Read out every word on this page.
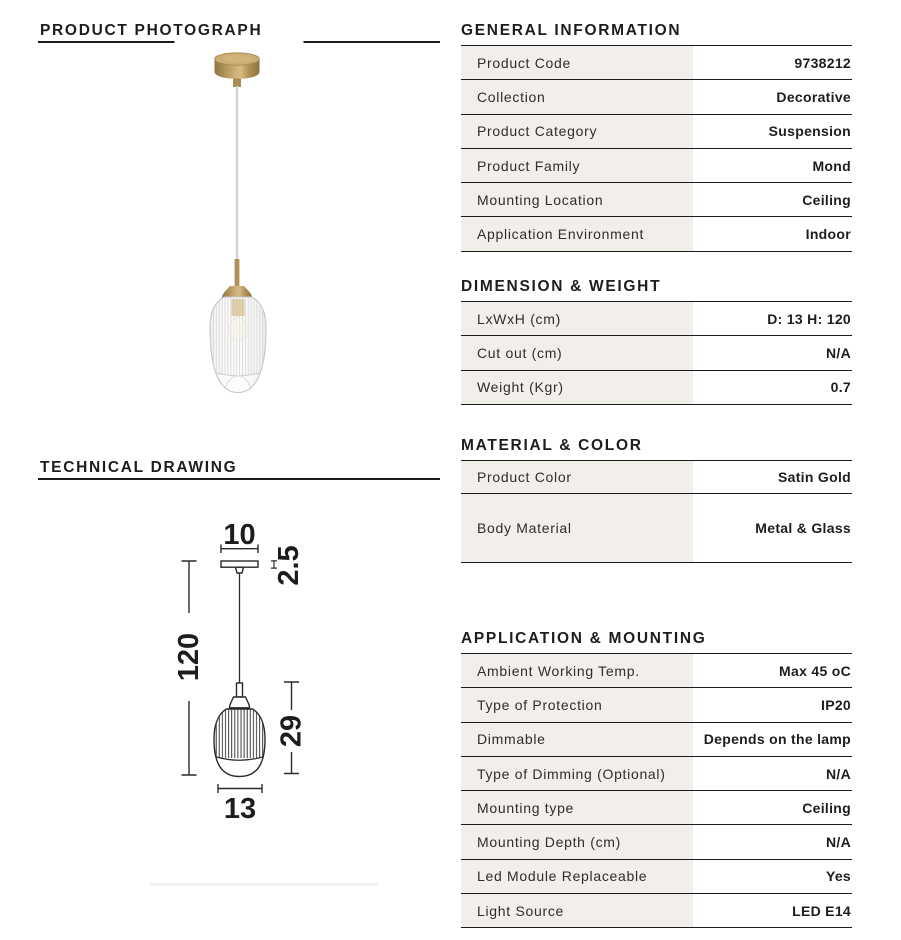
PRODUCT PHOTOGRAPH
TECHNICAL DRAWING
10
2.5
120
29
13
GENERAL INFORMATION
Product Code	9738212
Collection	Decorative
Product Category	Suspension
Product Family	Mond
Mounting Location	Ceiling
Application Environment	Indoor
DIMENSION & WEIGHT
LxWxH (cm)	D: 13 H: 120
Cut out (cm)	N/A
Weight (Kgr)	0.7
MATERIAL & COLOR
Product Color	Satin Gold
Body Material	Metal & Glass
APPLICATION & MOUNTING
Ambient Working Temp.	Max 45 oC
Type of Protection	IP20
Dimmable	Depends on the lamp
Type of Dimming (Optional)	N/A
Mounting type	Ceiling
Mounting Depth (cm)	N/A
Led Module Replaceable	Yes
Light Source	LED E14
